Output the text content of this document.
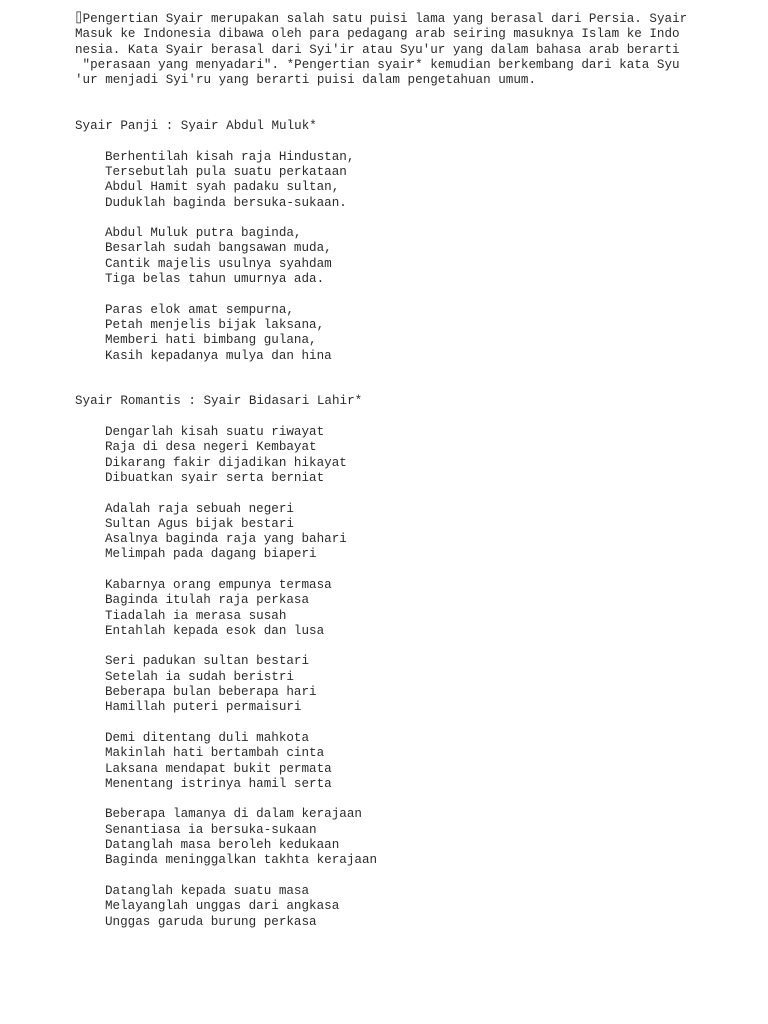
⌷Pengertian Syair merupakan salah satu puisi lama yang berasal dari Persia. Syair
Masuk ke Indonesia dibawa oleh para pedagang arab seiring masuknya Islam ke Indo
nesia. Kata Syair berasal dari Syi'ir atau Syu'ur yang dalam bahasa arab berarti
"perasaan yang menyadari". *Pengertian syair* kemudian berkembang dari kata Syu
'ur menjadi Syi'ru yang berarti puisi dalam pengetahuan umum.
Syair Panji : Syair Abdul Muluk*
Berhentilah kisah raja Hindustan,
Tersebutlah pula suatu perkataan
Abdul Hamit syah padaku sultan,
Duduklah baginda bersuka-sukaan.
Abdul Muluk putra baginda,
Besarlah sudah bangsawan muda,
Cantik majelis usulnya syahdam
Tiga belas tahun umurnya ada.
Paras elok amat sempurna,
Petah menjelis bijak laksana,
Memberi hati bimbang gulana,
Kasih kepadanya mulya dan hina
Syair Romantis : Syair Bidasari Lahir*
Dengarlah kisah suatu riwayat
Raja di desa negeri Kembayat
Dikarang fakir dijadikan hikayat
Dibuatkan syair serta berniat
Adalah raja sebuah negeri
Sultan Agus bijak bestari
Asalnya baginda raja yang bahari
Melimpah pada dagang biaperi
Kabarnya orang empunya termasa
Baginda itulah raja perkasa
Tiadalah ia merasa susah
Entahlah kepada esok dan lusa
Seri padukan sultan bestari
Setelah ia sudah beristri
Beberapa bulan beberapa hari
Hamillah puteri permaisuri
Demi ditentang duli mahkota
Makinlah hati bertambah cinta
Laksana mendapat bukit permata
Menentang istrinya hamil serta
Beberapa lamanya di dalam kerajaan
Senantiasa ia bersuka-sukaan
Datanglah masa beroleh kedukaan
Baginda meninggalkan takhta kerajaan
Datanglah kepada suatu masa
Melayanglah unggas dari angkasa
Unggas garuda burung perkasa
